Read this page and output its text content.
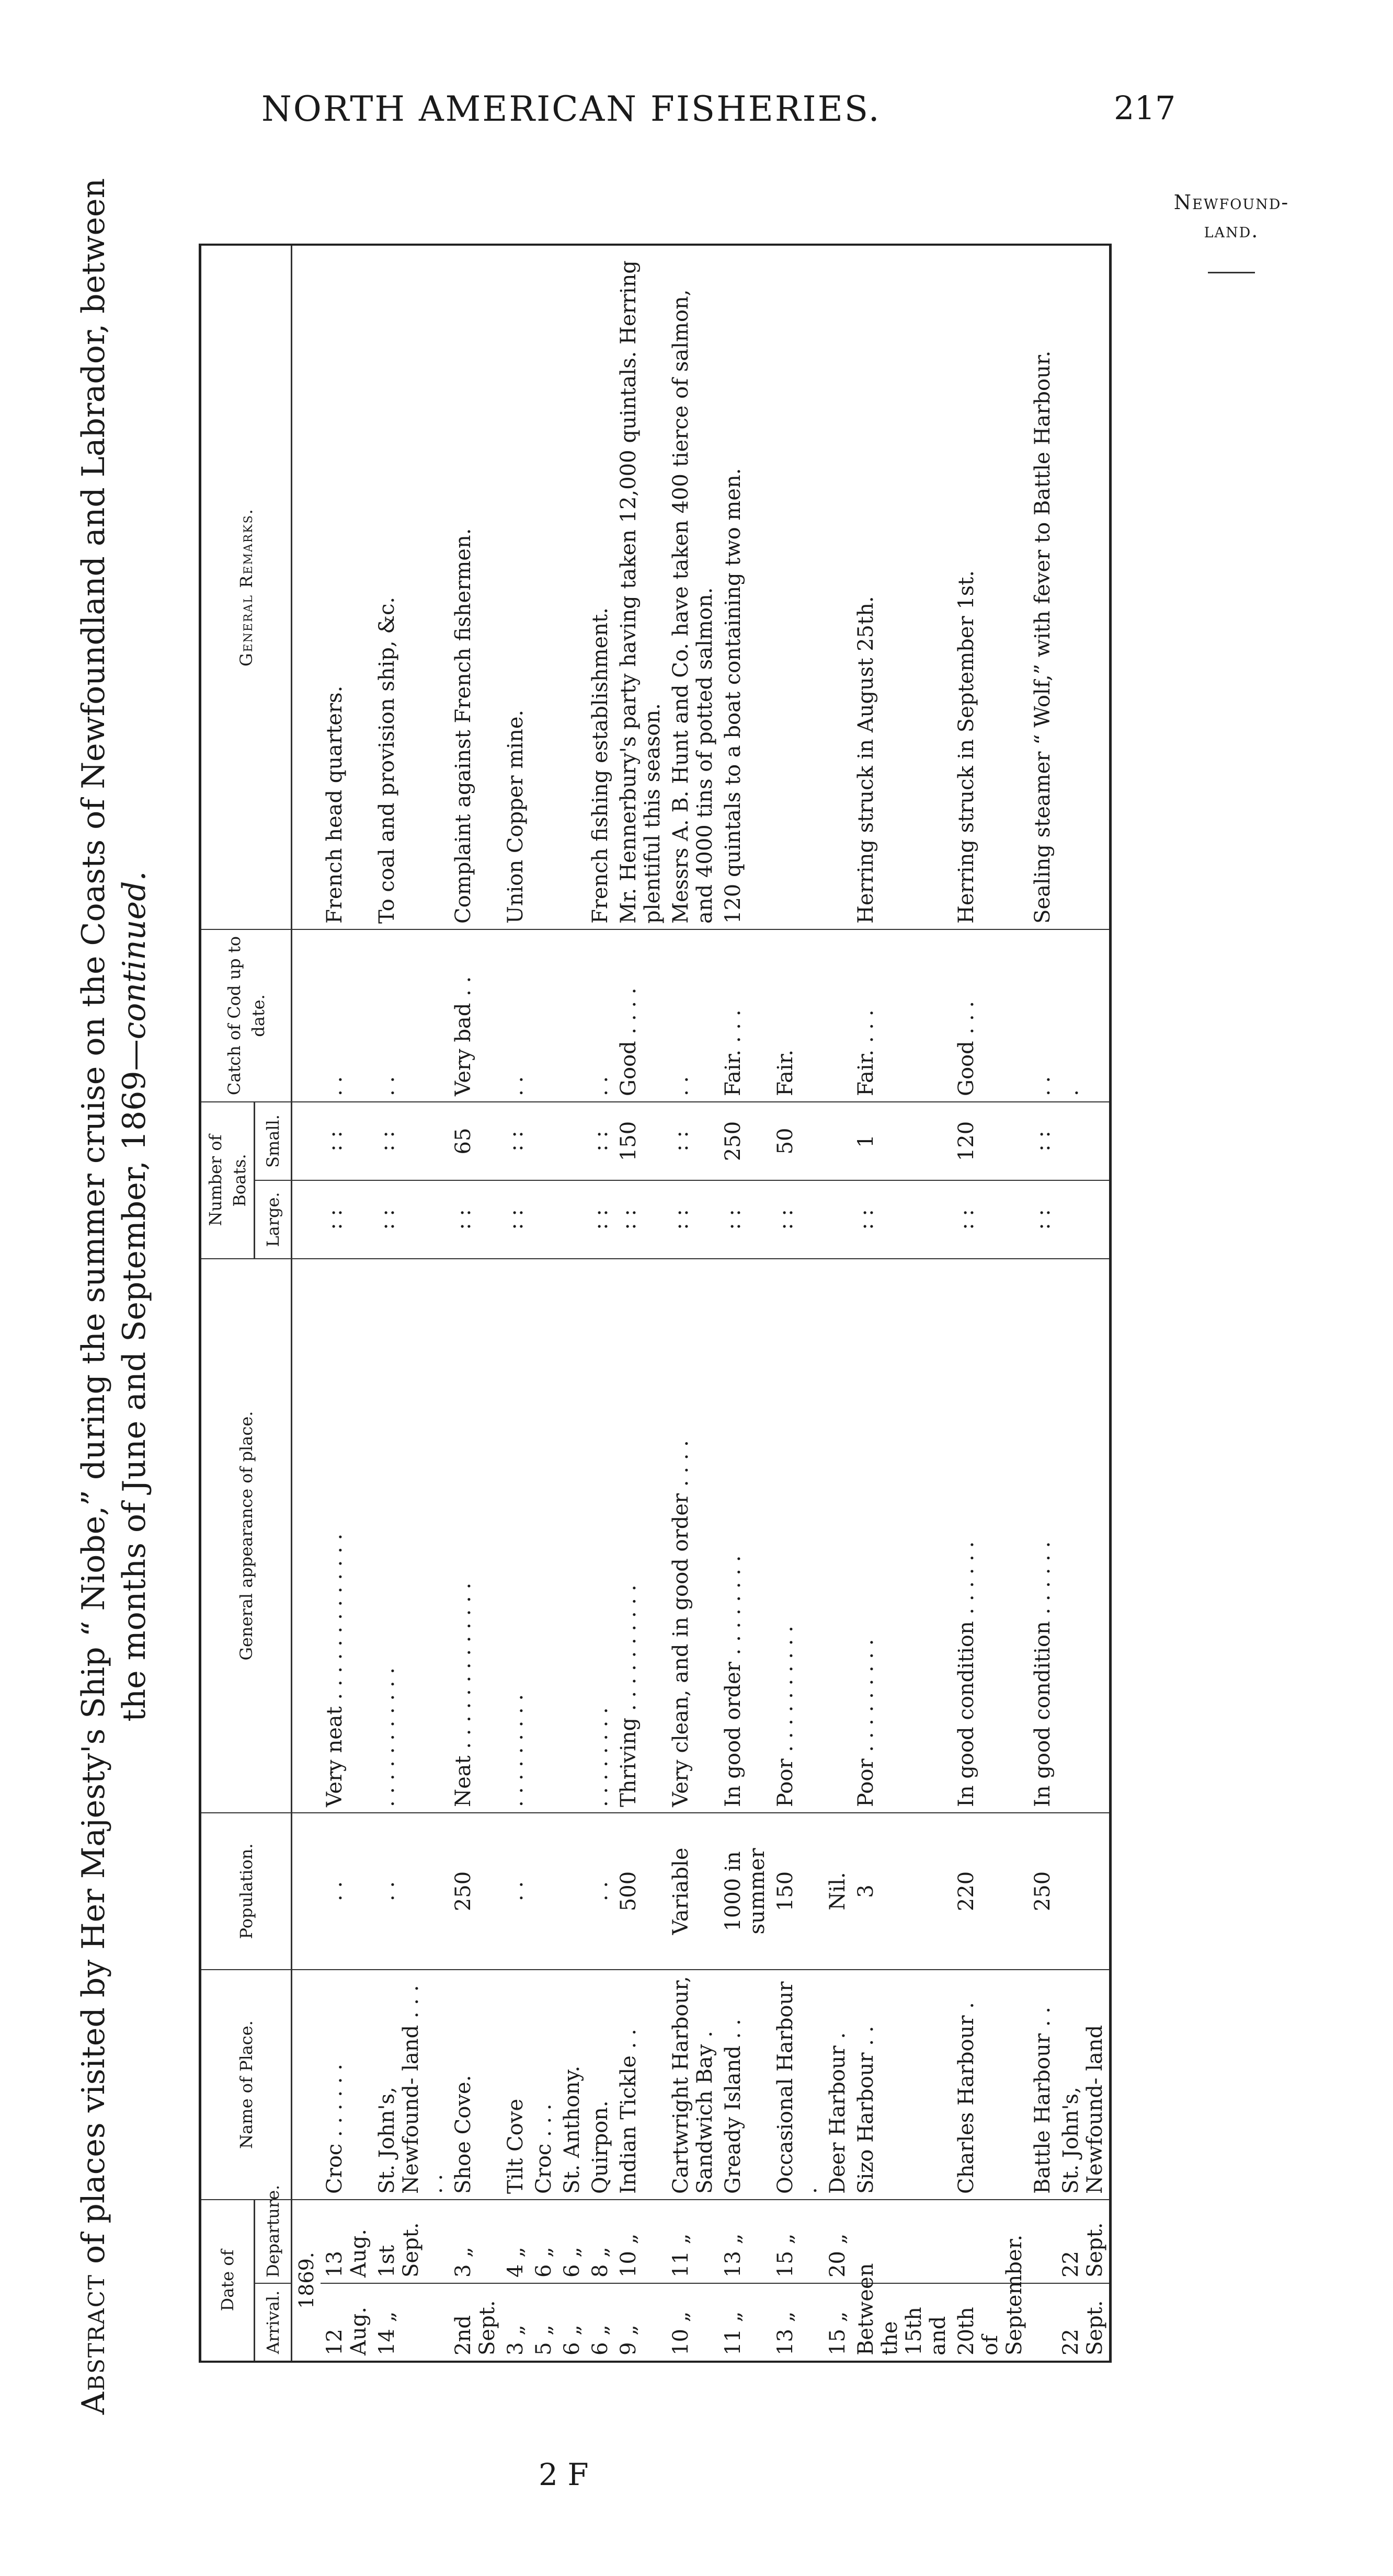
NORTH AMERICAN FISHERIES.	217
Newfound-
land.
Abstract of places visited by Her Majesty's Ship “ Niobe,” during the summer cruise on the Coasts of Newfoundland and Labrador, between the months of June and September, 1869—continued.
Date of		Name of Place.	Population.	General appearance of place.	Number of Boats.		Catch of Cod up to date.	General Remarks.
Arrival.	Departure.				Large.	Small.		
1869.								
12 Aug.	13 Aug.	Croc . . . . . .	. .	Very neat . . . . . . . . . . . . .	: :	: :	. .	French head quarters.
14 „	1st Sept.	St. John's, Newfound- land . . . . .	. .	. . . . . . . . . . .	: :	: :	. .	To coal and provision ship, &c.
2nd Sept.	3 „	Shoe Cove.	250	Neat . . . . . . . . . . . . .	: :	65	Very bad . .	Complaint against French fishermen.
3 „	4 „	Tilt Cove	. .	. . . . . . . . .	: :	: :	. .	Union Copper mine.
5 „	6 „	Croc . . .						
6 „	6 „	St. Anthony.						
6 „	8 „	Quirpon.	. .	. . . . . . . .	: :	: :	. .	French fishing establishment.
9 „	10 „	Indian Tickle . .	500	Thriving . . . . . . . . . .	: :	150	Good . . . .	Mr. Hennerbury's party having taken 12,000 quintals. Herring plentiful this season.
10 „	11 „	Cartwright Harbour, Sandwich Bay .	Variable	Very clean, and in good order . . . .	: :	: :	. .	Messrs A. B. Hunt and Co. have taken 400 tierce of salmon, and 4000 tins of potted salmon.
11 „	13 „	Gready Island . .	1000 in summer	In good order . . . . . . . .	: :	250	Fair. . . .	120 quintals to a boat containing two men.
13 „	15 „	Occasional Harbour .	150	Poor . . . . . . . . . .	: :	50	Fair.	
15 „	20 „	Deer Harbour .	Nil.					
Between the 15th and		Sizo Harbour . .	3	Poor . . . . . . . . .	: :	1	Fair. . . .	Herring struck in August 25th.
20th of September.		Charles Harbour .	220	In good condition . . . . . .	: :	120	Good . . .	Herring struck in September 1st.
		Battle Harbour . .	250	In good condition . . . . . .	: :	: :	. .	Sealing steamer “ Wolf,” with fever to Battle Harbour.
22 Sept.	22 Sept.	St. John's, Newfound- land					.	
2 F
